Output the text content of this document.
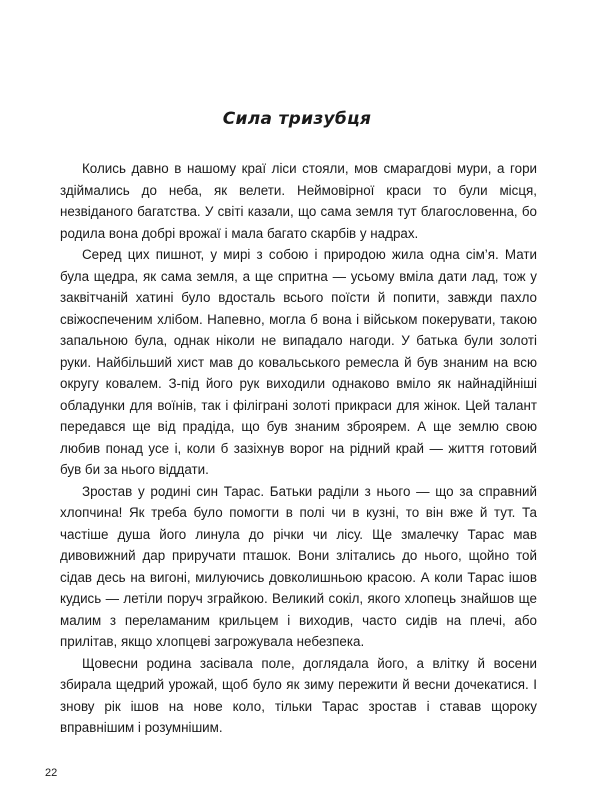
Сила тризубця

Колись давно в нашому краї ліси стояли, мов смарагдові мури, а гори здіймались до неба, як велети. Неймовірної краси то були місця, незвіданого багатства. У світі казали, що сама земля тут благословенна, бо родила вона добрі врожаї і мала багато скарбів у надрах.

Серед цих пишнот, у мирі з собою і природою жила одна сім’я. Мати була щедра, як сама земля, а ще спритна — усьому вміла дати лад, тож у заквітчаній хатині було вдосталь всього поїсти й попити, завжди пахло свіжоспеченим хлібом. Напевно, могла б вона і військом покерувати, такою запальною була, однак ніколи не випадало нагоди. У батька були золоті руки. Найбільший хист мав до ковальського ремесла й був знаним на всю округу ковалем. З-під його рук виходили однаково вміло як найнадійніші обладунки для воїнів, так і філіграні золоті прикраси для жінок. Цей талант передався ще від прадіда, що був знаним зброярем. А ще землю свою любив понад усе і, коли б зазіхнув ворог на рідний край — життя готовий був би за нього віддати.

Зростав у родині син Тарас. Батьки раділи з нього — що за справний хлопчина! Як треба було помогти в полі чи в кузні, то він вже й тут. Та частіше душа його линула до річки чи лісу. Ще змалечку Тарас мав дивовижний дар приручати пташок. Вони злітались до нього, щойно той сідав десь на вигоні, милуючись довколишньою красою. А коли Тарас ішов кудись — летіли поруч зграйкою. Великий сокіл, якого хлопець знайшов ще малим з переламаним крильцем і виходив, часто сидів на плечі, або прилітав, якщо хлопцеві загрожувала небезпека.

Щовесни родина засівала поле, доглядала його, а влітку й восени збирала щедрий урожай, щоб було як зиму пережити й весни дочекатися. І знову рік ішов на нове коло, тільки Тарас зростав і ставав щороку вправнішим і розумнішим.

22
